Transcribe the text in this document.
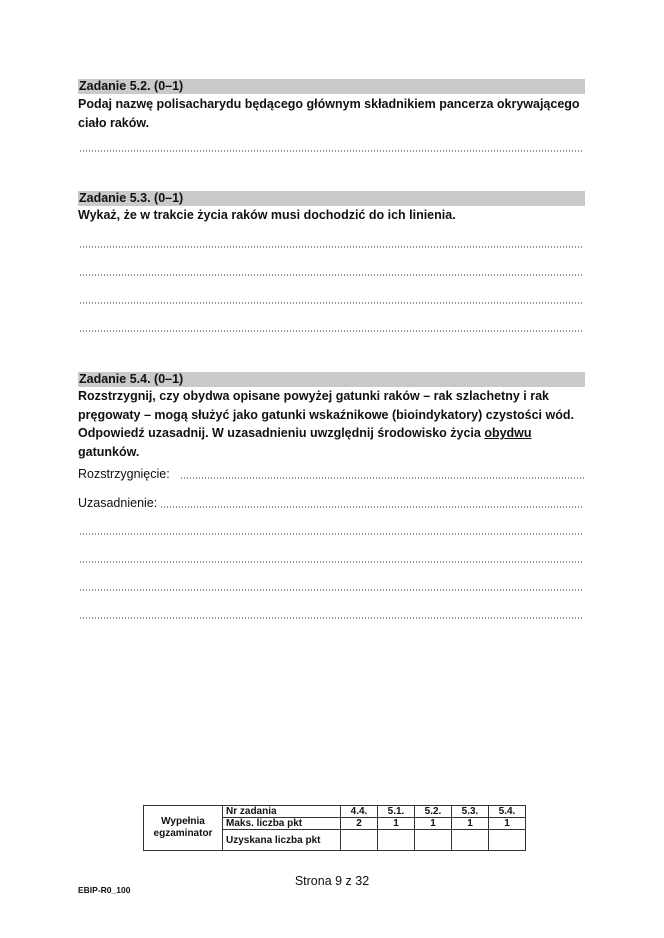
Zadanie 5.2. (0–1)
Podaj nazwę polisacharydu będącego głównym składnikiem pancerza okrywającego ciało raków.
Zadanie 5.3. (0–1)
Wykaż, że w trakcie życia raków musi dochodzić do ich linienia.
Zadanie 5.4. (0–1)
Rozstrzygnij, czy obydwa opisane powyżej gatunki raków – rak szlachetny i rak pręgowaty – mogą służyć jako gatunki wskaźnikowe (bioindykatory) czystości wód. Odpowiedź uzasadnij. W uzasadnieniu uwzględnij środowisko życia obydwu gatunków.
Rozstrzygnięcie:
Uzasadnienie:
Wypełnia egzaminator	Nr zadania	4.4.	5.1.	5.2.	5.3.	5.4.
	Maks. liczba pkt	2	1	1	1	1
	Uzyskana liczba pkt					
Strona 9 z 32
EBIP-R0_100
